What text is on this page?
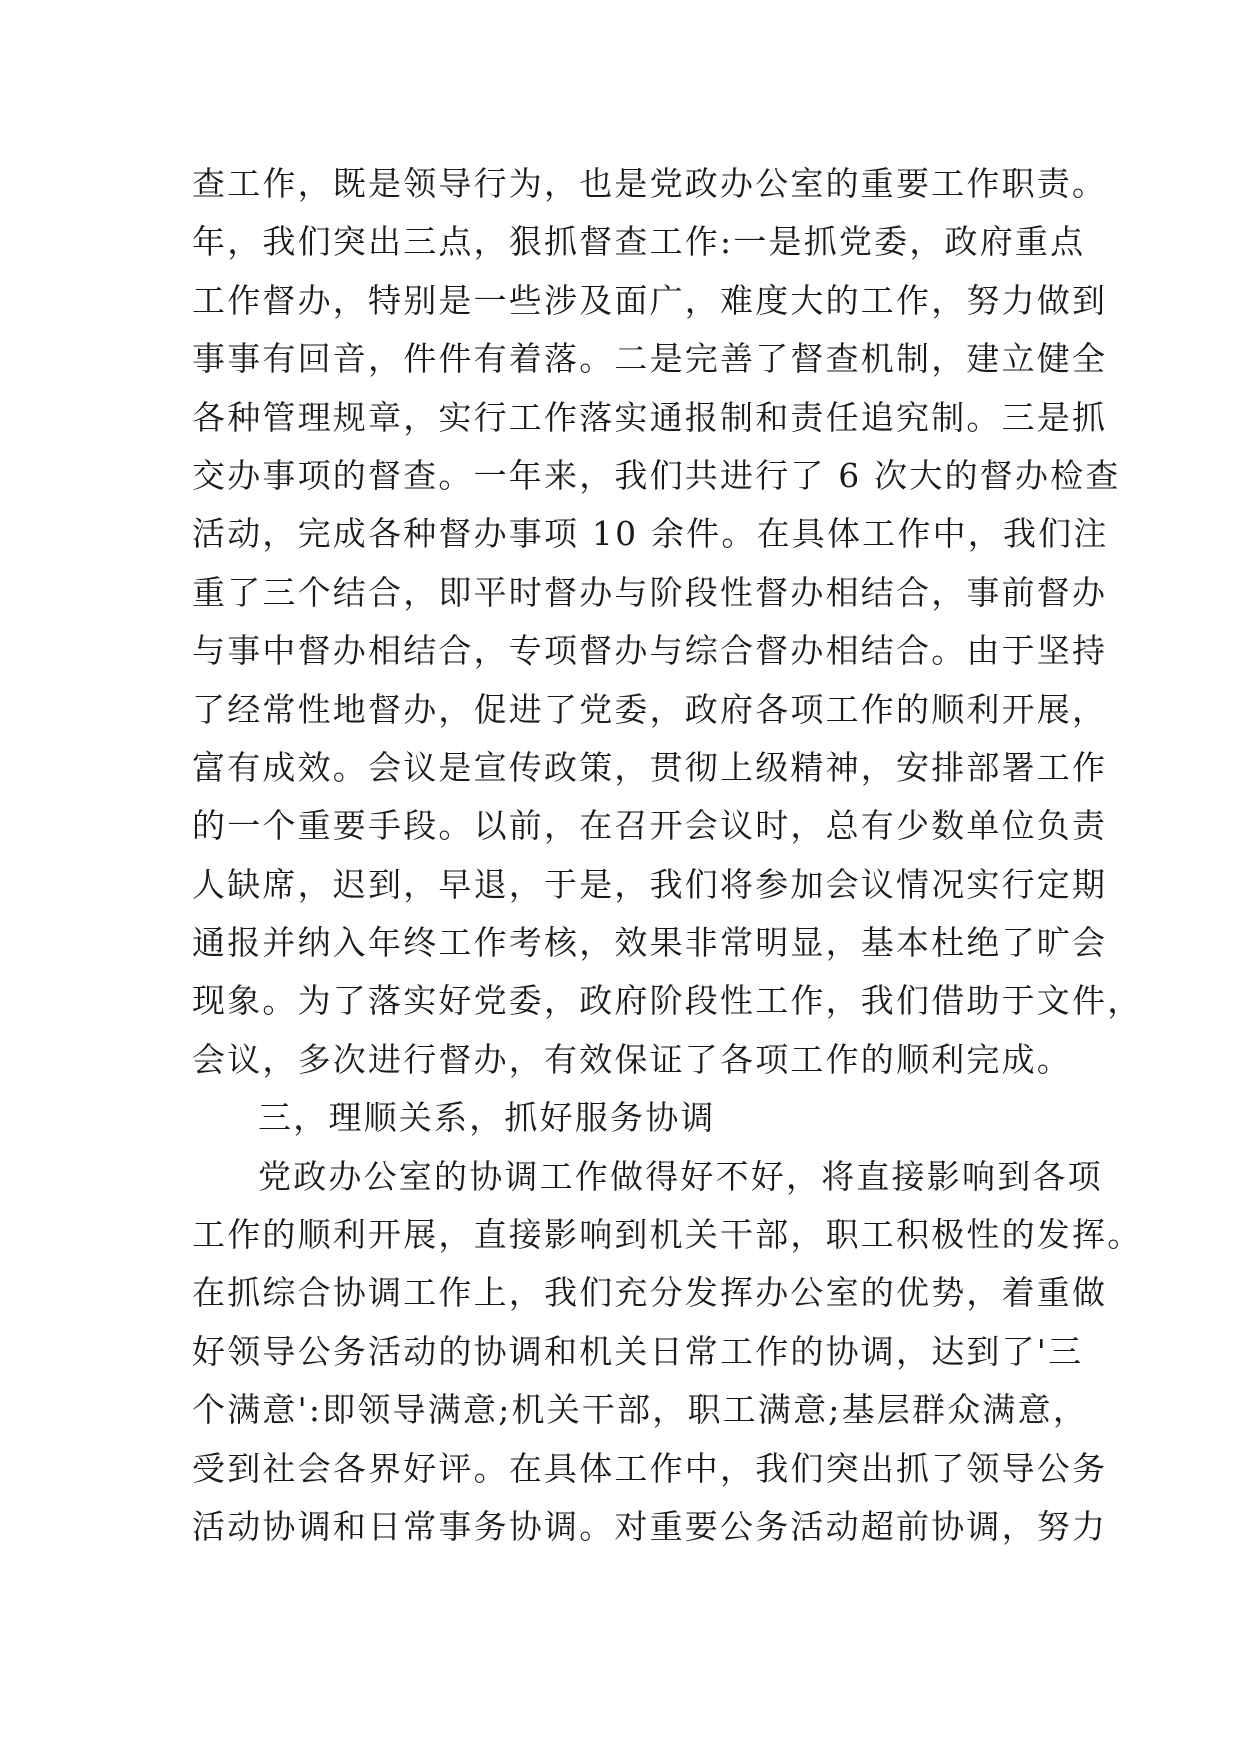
查工作，既是领导行为，也是党政办公室的重要工作职责。
年，我们突出三点，狠抓督查工作:一是抓党委，政府重点
工作督办，特别是一些涉及面广，难度大的工作，努力做到
事事有回音，件件有着落。二是完善了督查机制，建立健全
各种管理规章，实行工作落实通报制和责任追究制。三是抓
交办事项的督查。一年来，我们共进行了 6 次大的督办检查
活动，完成各种督办事项 10 余件。在具体工作中，我们注
重了三个结合，即平时督办与阶段性督办相结合，事前督办
与事中督办相结合，专项督办与综合督办相结合。由于坚持
了经常性地督办，促进了党委，政府各项工作的顺利开展，
富有成效。会议是宣传政策，贯彻上级精神，安排部署工作
的一个重要手段。以前，在召开会议时，总有少数单位负责
人缺席，迟到，早退，于是，我们将参加会议情况实行定期
通报并纳入年终工作考核，效果非常明显，基本杜绝了旷会
现象。为了落实好党委，政府阶段性工作，我们借助于文件，
会议，多次进行督办，有效保证了各项工作的顺利完成。
三，理顺关系，抓好服务协调
党政办公室的协调工作做得好不好，将直接影响到各项
工作的顺利开展，直接影响到机关干部，职工积极性的发挥。
在抓综合协调工作上，我们充分发挥办公室的优势，着重做
好领导公务活动的协调和机关日常工作的协调，达到了'三
个满意':即领导满意;机关干部，职工满意;基层群众满意，
受到社会各界好评。在具体工作中，我们突出抓了领导公务
活动协调和日常事务协调。对重要公务活动超前协调，努力
